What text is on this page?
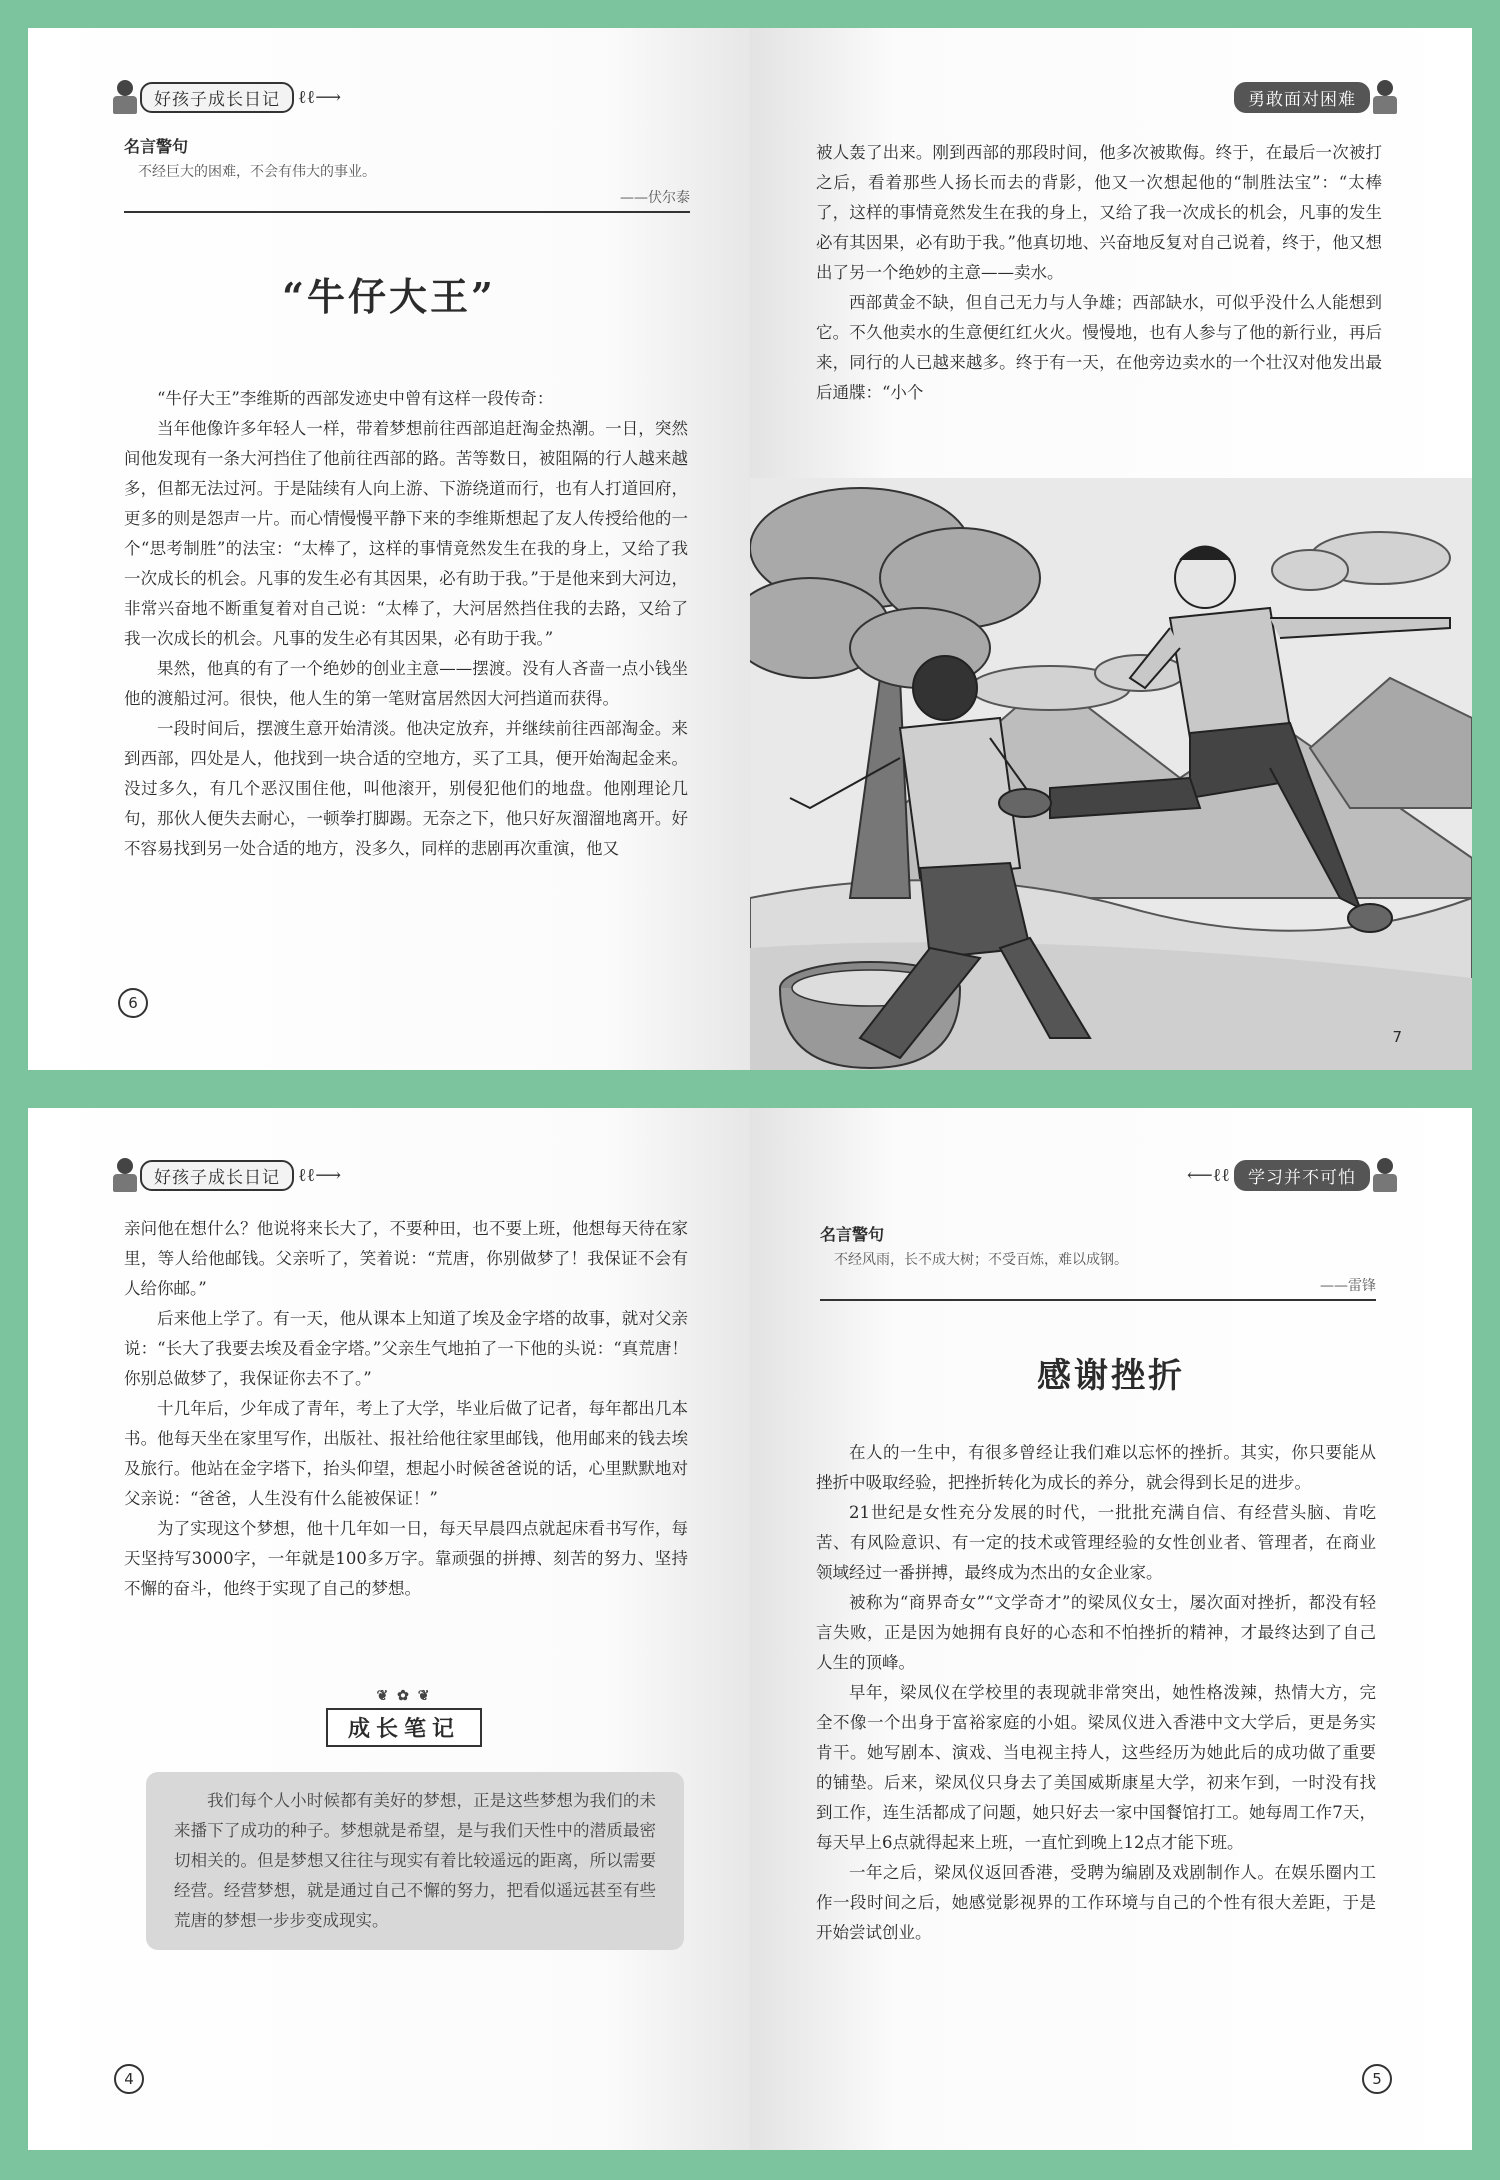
好孩子成长日记	ℓℓ⟶
名言警句
不经巨大的困难，不会有伟大的事业。
——伏尔泰
“牛仔大王”

“牛仔大王”李维斯的西部发迹史中曾有这样一段传奇：

当年他像许多年轻人一样，带着梦想前往西部追赶淘金热潮。一日，突然间他发现有一条大河挡住了他前往西部的路。苦等数日，被阻隔的行人越来越多，但都无法过河。于是陆续有人向上游、下游绕道而行，也有人打道回府，更多的则是怨声一片。而心情慢慢平静下来的李维斯想起了友人传授给他的一个“思考制胜”的法宝：“太棒了，这样的事情竟然发生在我的身上，又给了我一次成长的机会。凡事的发生必有其因果，必有助于我。”于是他来到大河边，非常兴奋地不断重复着对自己说：“太棒了，大河居然挡住我的去路，又给了我一次成长的机会。凡事的发生必有其因果，必有助于我。”

果然，他真的有了一个绝妙的创业主意——摆渡。没有人吝啬一点小钱坐他的渡船过河。很快，他人生的第一笔财富居然因大河挡道而获得。

一段时间后，摆渡生意开始清淡。他决定放弃，并继续前往西部淘金。来到西部，四处是人，他找到一块合适的空地方，买了工具，便开始淘起金来。没过多久，有几个恶汉围住他，叫他滚开，别侵犯他们的地盘。他刚理论几句，那伙人便失去耐心，一顿拳打脚踢。无奈之下，他只好灰溜溜地离开。好不容易找到另一处合适的地方，没多久，同样的悲剧再次重演，他又

6
勇敢面对困难

被人轰了出来。刚到西部的那段时间，他多次被欺侮。终于，在最后一次被打之后，看着那些人扬长而去的背影，他又一次想起他的“制胜法宝”：“太棒了，这样的事情竟然发生在我的身上，又给了我一次成长的机会，凡事的发生必有其因果，必有助于我。”他真切地、兴奋地反复对自己说着，终于，他又想出了另一个绝妙的主意——卖水。

西部黄金不缺，但自己无力与人争雄；西部缺水，可似乎没什么人能想到它。不久他卖水的生意便红红火火。慢慢地，也有人参与了他的新行业，再后来，同行的人已越来越多。终于有一天，在他旁边卖水的一个壮汉对他发出最后通牒：“小个

7
好孩子成长日记	ℓℓ⟶

亲问他在想什么？他说将来长大了，不要种田，也不要上班，他想每天待在家里，等人给他邮钱。父亲听了，笑着说：“荒唐，你别做梦了！我保证不会有人给你邮。”

后来他上学了。有一天，他从课本上知道了埃及金字塔的故事，就对父亲说：“长大了我要去埃及看金字塔。”父亲生气地拍了一下他的头说：“真荒唐！你别总做梦了，我保证你去不了。”

十几年后，少年成了青年，考上了大学，毕业后做了记者，每年都出几本书。他每天坐在家里写作，出版社、报社给他往家里邮钱，他用邮来的钱去埃及旅行。他站在金字塔下，抬头仰望，想起小时候爸爸说的话，心里默默地对父亲说：“爸爸，人生没有什么能被保证！”

为了实现这个梦想，他十几年如一日，每天早晨四点就起床看书写作，每天坚持写3000字，一年就是100多万字。靠顽强的拼搏、刻苦的努力、坚持不懈的奋斗，他终于实现了自己的梦想。

❦ ✿ ❦ 成长笔记

我们每个人小时候都有美好的梦想，正是这些梦想为我们的未来播下了成功的种子。梦想就是希望，是与我们天性中的潜质最密切相关的。但是梦想又往往与现实有着比较遥远的距离，所以需要经营。经营梦想，就是通过自己不懈的努力，把看似遥远甚至有些荒唐的梦想一步步变成现实。

4
⟵ℓℓ	学习并不可怕
名言警句
不经风雨，长不成大树；不受百炼，难以成钢。
——雷锋
感谢挫折

在人的一生中，有很多曾经让我们难以忘怀的挫折。其实，你只要能从挫折中吸取经验，把挫折转化为成长的养分，就会得到长足的进步。

21世纪是女性充分发展的时代，一批批充满自信、有经营头脑、肯吃苦、有风险意识、有一定的技术或管理经验的女性创业者、管理者，在商业领域经过一番拼搏，最终成为杰出的女企业家。

被称为“商界奇女”“文学奇才”的梁凤仪女士，屡次面对挫折，都没有轻言失败，正是因为她拥有良好的心态和不怕挫折的精神，才最终达到了自己人生的顶峰。

早年，梁凤仪在学校里的表现就非常突出，她性格泼辣，热情大方，完全不像一个出身于富裕家庭的小姐。梁凤仪进入香港中文大学后，更是务实肯干。她写剧本、演戏、当电视主持人，这些经历为她此后的成功做了重要的铺垫。后来，梁凤仪只身去了美国威斯康星大学，初来乍到，一时没有找到工作，连生活都成了问题，她只好去一家中国餐馆打工。她每周工作7天，每天早上6点就得起来上班，一直忙到晚上12点才能下班。

一年之后，梁凤仪返回香港，受聘为编剧及戏剧制作人。在娱乐圈内工作一段时间之后，她感觉影视界的工作环境与自己的个性有很大差距，于是开始尝试创业。

5
